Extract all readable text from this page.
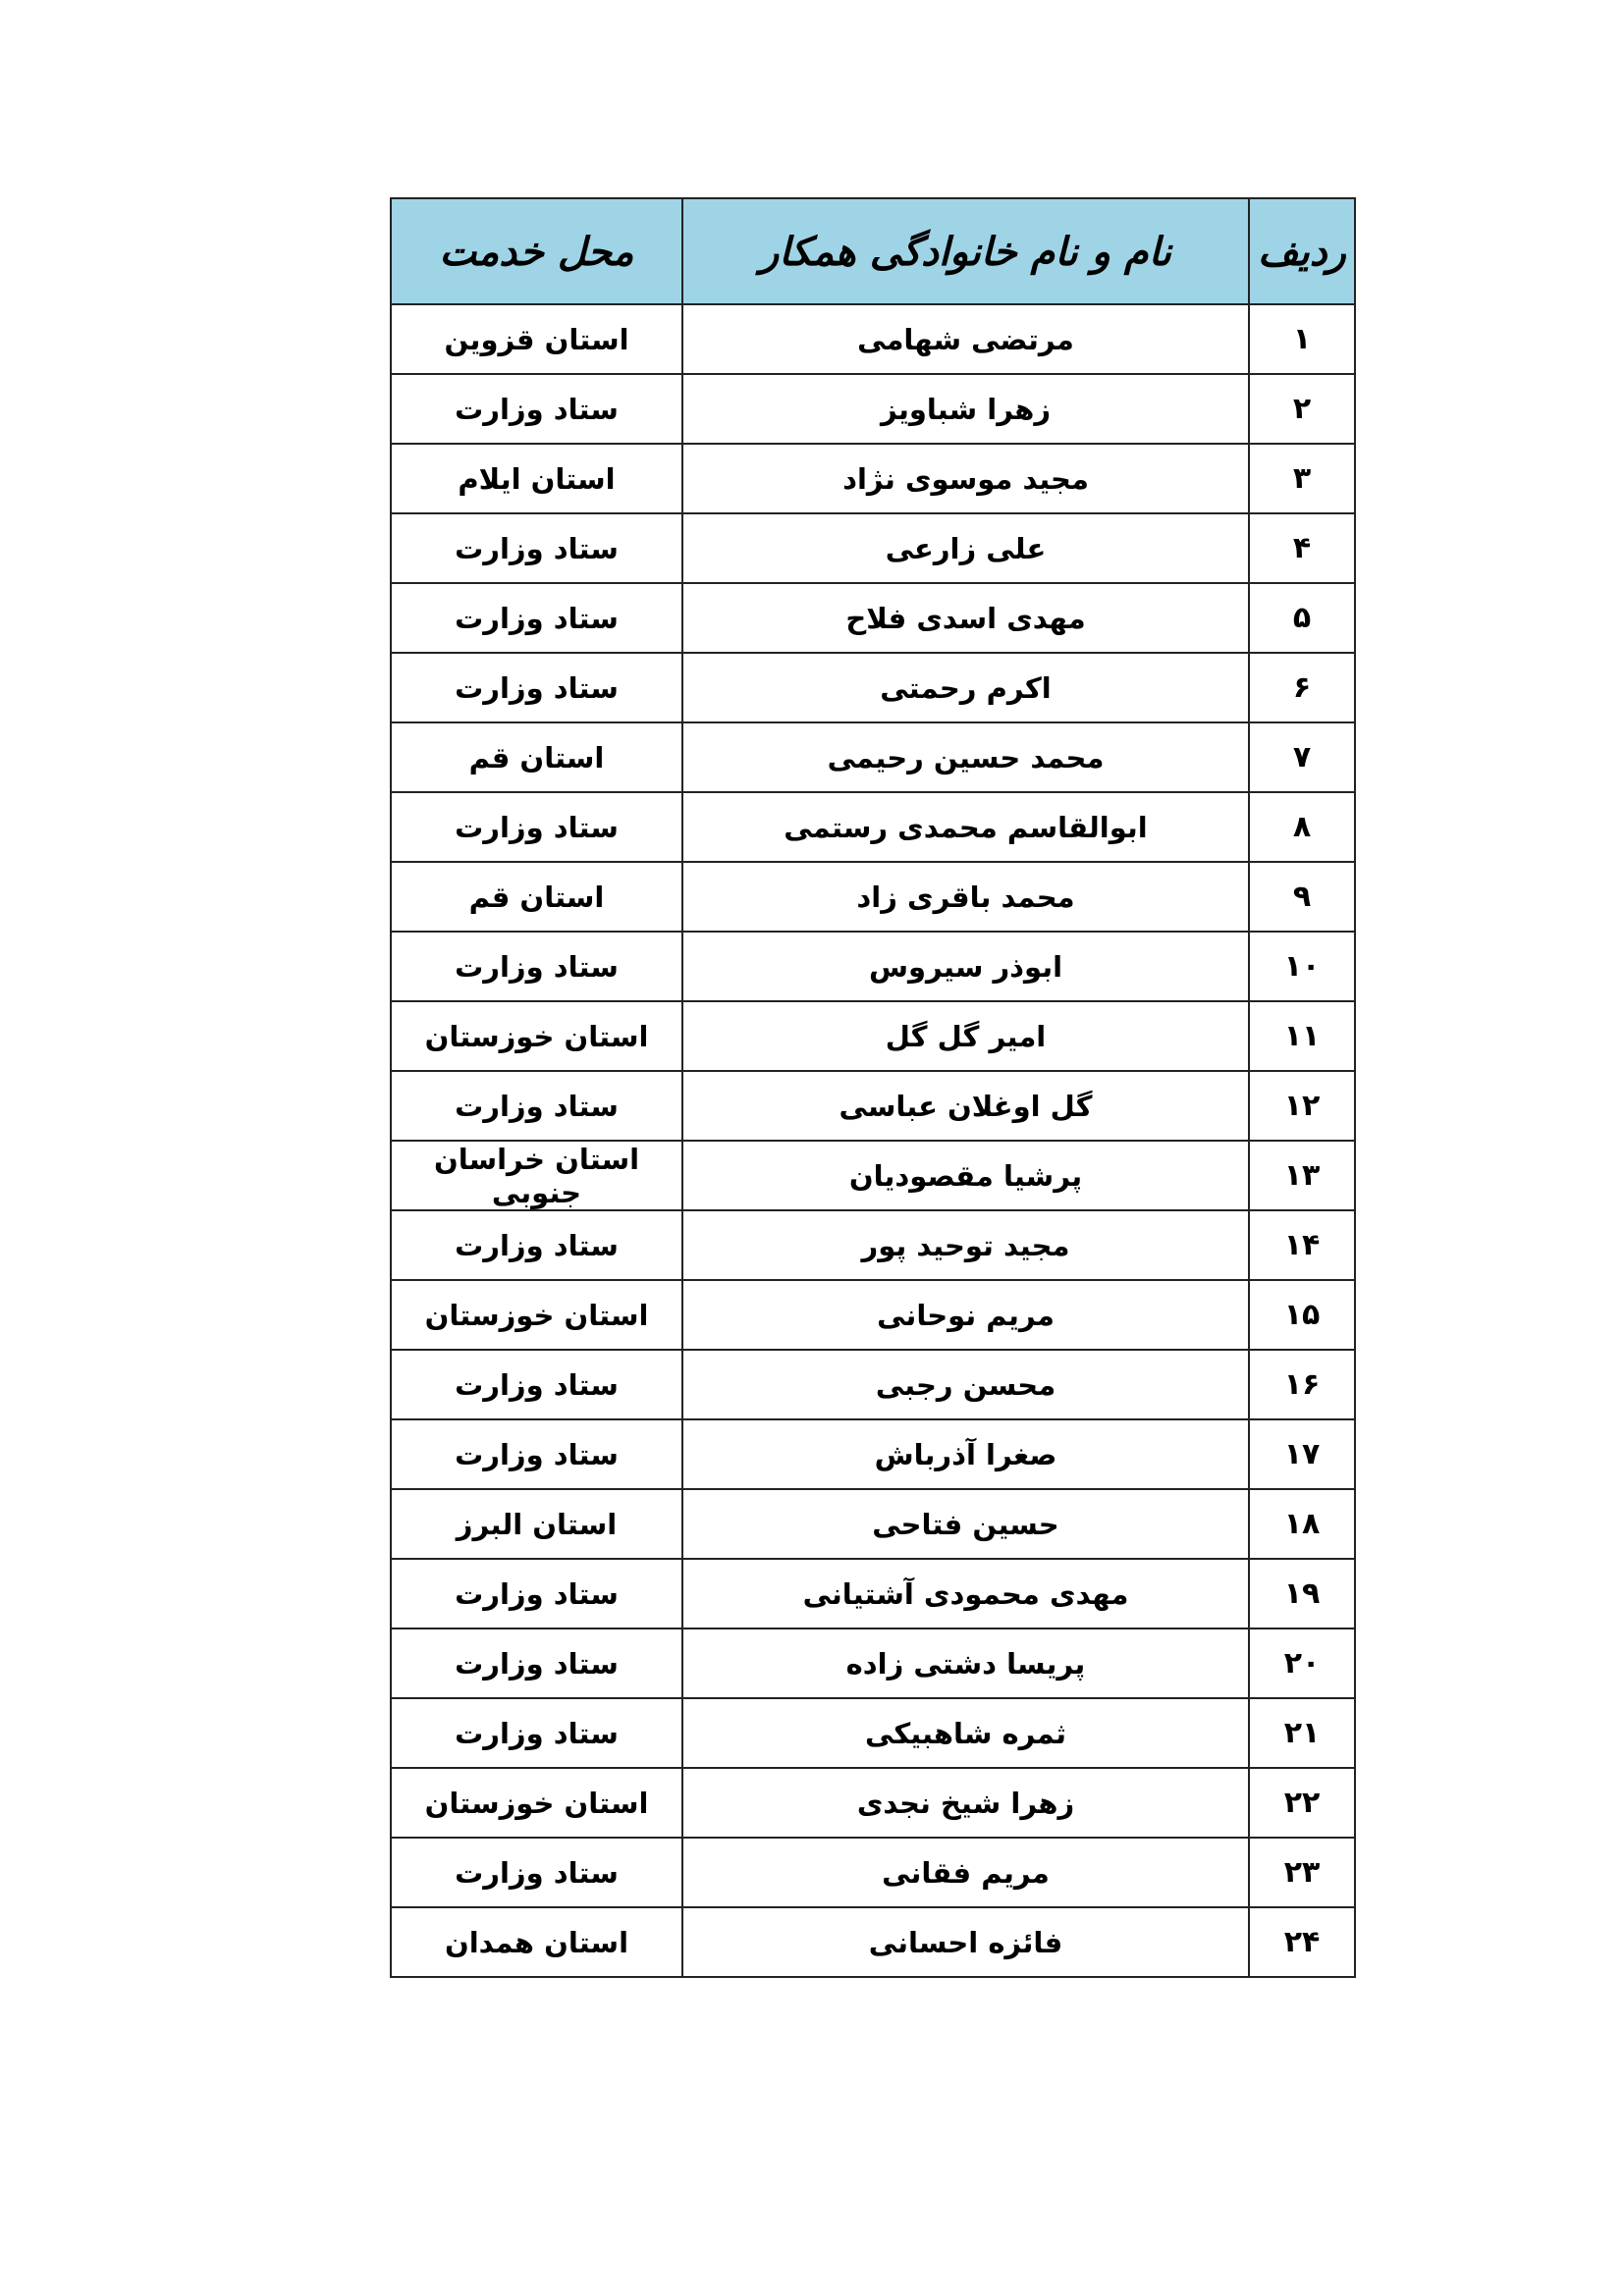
ردیف	نام و نام خانوادگی همکار	محل خدمت
۱	مرتضی شهامی	استان قزوین
۲	زهرا شباویز	ستاد وزارت
۳	مجید موسوی نژاد	استان ایلام
۴	علی زارعی	ستاد وزارت
۵	مهدی اسدی فلاح	ستاد وزارت
۶	اکرم رحمتی	ستاد وزارت
۷	محمد حسین رحیمی	استان قم
۸	ابوالقاسم محمدی رستمی	ستاد وزارت
۹	محمد باقری زاد	استان قم
۱۰	ابوذر سیروس	ستاد وزارت
۱۱	امیر گل گل	استان خوزستان
۱۲	گل اوغلان عباسی	ستاد وزارت
۱۳	پرشیا مقصودیان	استان خراسان جنوبی
۱۴	مجید توحید پور	ستاد وزارت
۱۵	مریم نوحانی	استان خوزستان
۱۶	محسن رجبی	ستاد وزارت
۱۷	صغرا آذرباش	ستاد وزارت
۱۸	حسین فتاحی	استان البرز
۱۹	مهدی محمودی آشتیانی	ستاد وزارت
۲۰	پریسا دشتی زاده	ستاد وزارت
۲۱	ثمره شاهبیکی	ستاد وزارت
۲۲	زهرا شیخ نجدی	استان خوزستان
۲۳	مریم فقانی	ستاد وزارت
۲۴	فائزه احسانی	استان همدان
